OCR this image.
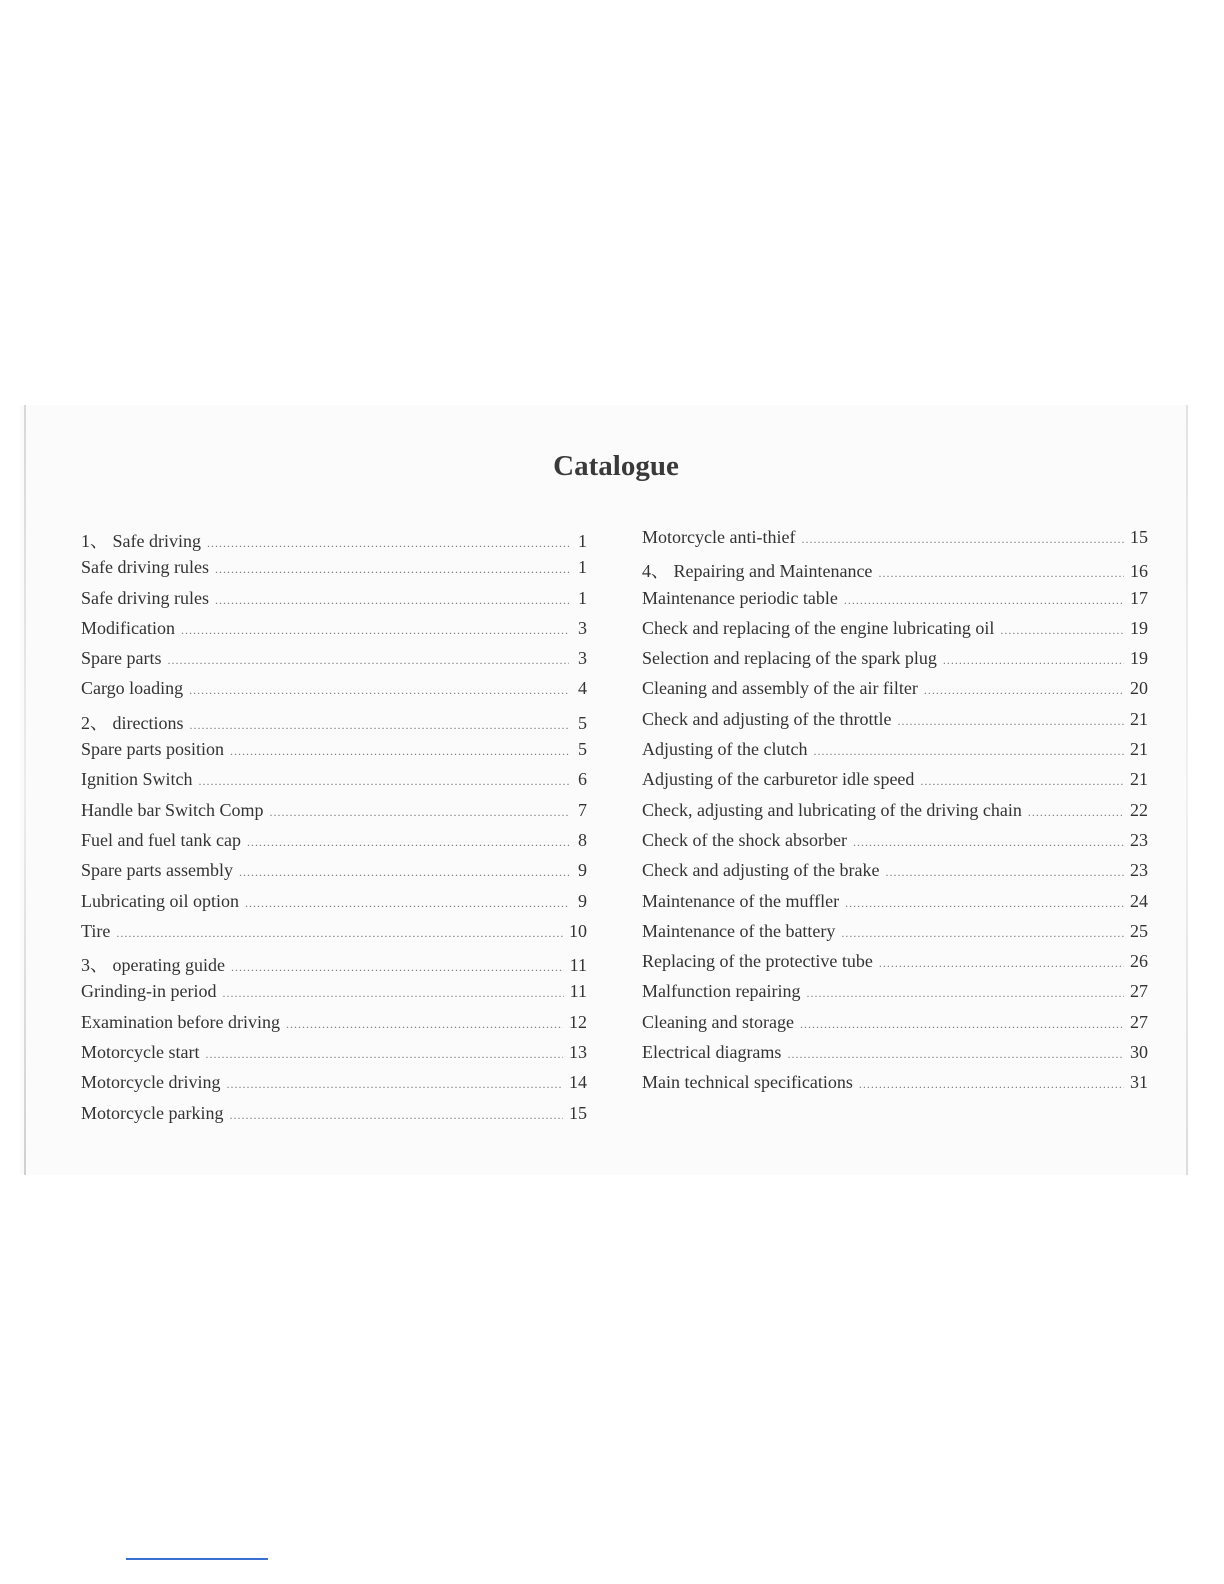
Catalogue
1、 Safe driving .....	1
Safe driving rules .....	1
Safe driving rules .....	1
Modification .....	3
Spare parts .....	3
Cargo loading .....	4
2、 directions .....	5
Spare parts position .....	5
Ignition Switch .....	6
Handle bar Switch Comp .....	7
Fuel and fuel tank cap .....	8
Spare parts assembly .....	9
Lubricating oil option .....	9
Tire .....	10
3、 operating guide .....	11
Grinding-in period .....	11
Examination before driving .....	12
Motorcycle start .....	13
Motorcycle driving .....	14
Motorcycle parking .....	15
Motorcycle anti-thief .....	15
4、 Repairing and Maintenance .....	16
Maintenance periodic table .....	17
Check and replacing of the engine lubricating oil .....	19
Selection and replacing of the spark plug .....	19
Cleaning and assembly of the air filter .....	20
Check and adjusting of the throttle .....	21
Adjusting of the clutch .....	21
Adjusting of the carburetor idle speed .....	21
Check, adjusting and lubricating of the driving chain .....	22
Check of the shock absorber .....	23
Check and adjusting of the brake .....	23
Maintenance of the muffler .....	24
Maintenance of the battery .....	25
Replacing of the protective tube .....	26
Malfunction repairing .....	27
Cleaning and storage .....	27
Electrical diagrams .....	30
Main technical specifications .....	31
